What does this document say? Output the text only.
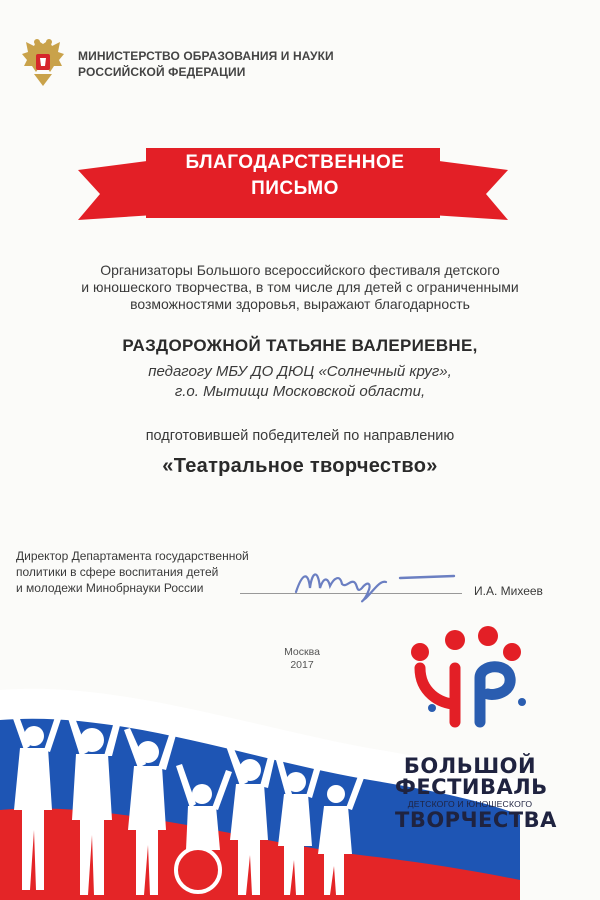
МИНИСТЕРСТВО ОБРАЗОВАНИЯ И НАУКИ
РОССИЙСКОЙ ФЕДЕРАЦИИ
БЛАГОДАРСТВЕННОЕ
ПИСЬМО
Организаторы Большого всероссийского фестиваля детского
и юношеского творчества, в том числе для детей с ограниченными
возможностями здоровья, выражают благодарность
РАЗДОРОЖНОЙ ТАТЬЯНЕ ВАЛЕРИЕВНЕ,
педагогу МБУ ДО ДЮЦ «Солнечный круг»,
г.о. Мытищи Московской области,
подготовившей победителей по направлению
«Театральное творчество»
Директор Департамента государственной
политики в сфере воспитания детей
и молодежи Минобрнауки России	И.А. Михеев
Москва
2017
БОЛЬШОЙ
ФЕСТИВАЛЬ
ДЕТСКОГО И ЮНОШЕСКОГО
ТВОРЧЕСТВА
